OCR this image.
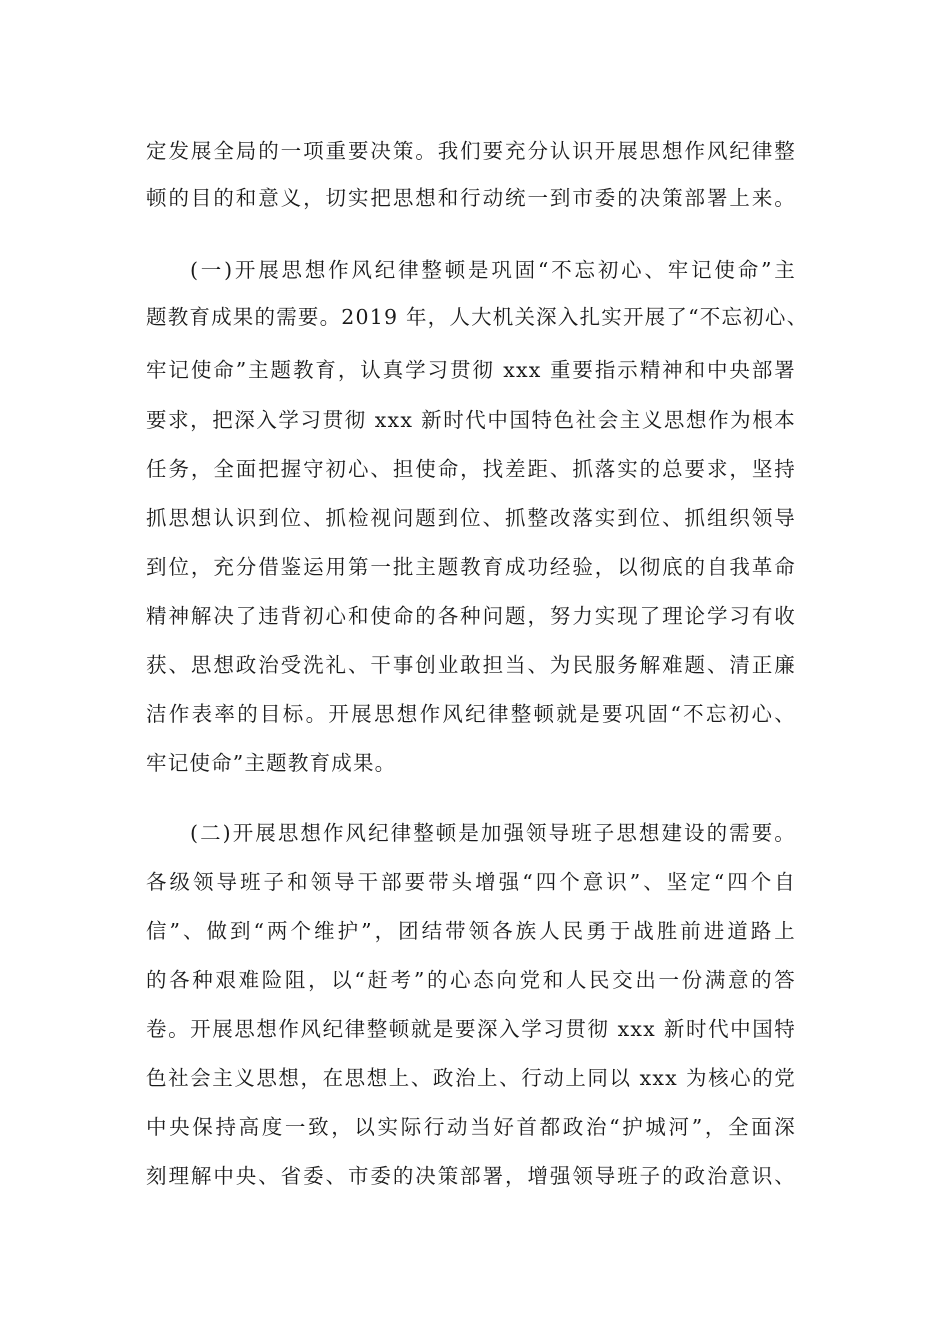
定发展全局的一项重要决策。我们要充分认识开展思想作风纪律整
顿的目的和意义，切实把思想和行动统一到市委的决策部署上来。
(一)开展思想作风纪律整顿是巩固“不忘初心、牢记使命”主
题教育成果的需要。2019 年，人大机关深入扎实开展了“不忘初心、
牢记使命”主题教育，认真学习贯彻 xxx 重要指示精神和中央部署
要求，把深入学习贯彻 xxx 新时代中国特色社会主义思想作为根本
任务，全面把握守初心、担使命，找差距、抓落实的总要求，坚持
抓思想认识到位、抓检视问题到位、抓整改落实到位、抓组织领导
到位，充分借鉴运用第一批主题教育成功经验，以彻底的自我革命
精神解决了违背初心和使命的各种问题，努力实现了理论学习有收
获、思想政治受洗礼、干事创业敢担当、为民服务解难题、清正廉
洁作表率的目标。开展思想作风纪律整顿就是要巩固“不忘初心、
牢记使命”主题教育成果。
(二)开展思想作风纪律整顿是加强领导班子思想建设的需要。
各级领导班子和领导干部要带头增强“四个意识”、坚定“四个自
信”、做到“两个维护”，团结带领各族人民勇于战胜前进道路上
的各种艰难险阻，以“赶考”的心态向党和人民交出一份满意的答
卷。开展思想作风纪律整顿就是要深入学习贯彻 xxx 新时代中国特
色社会主义思想，在思想上、政治上、行动上同以 xxx 为核心的党
中央保持高度一致，以实际行动当好首都政治“护城河”，全面深
刻理解中央、省委、市委的决策部署，增强领导班子的政治意识、
